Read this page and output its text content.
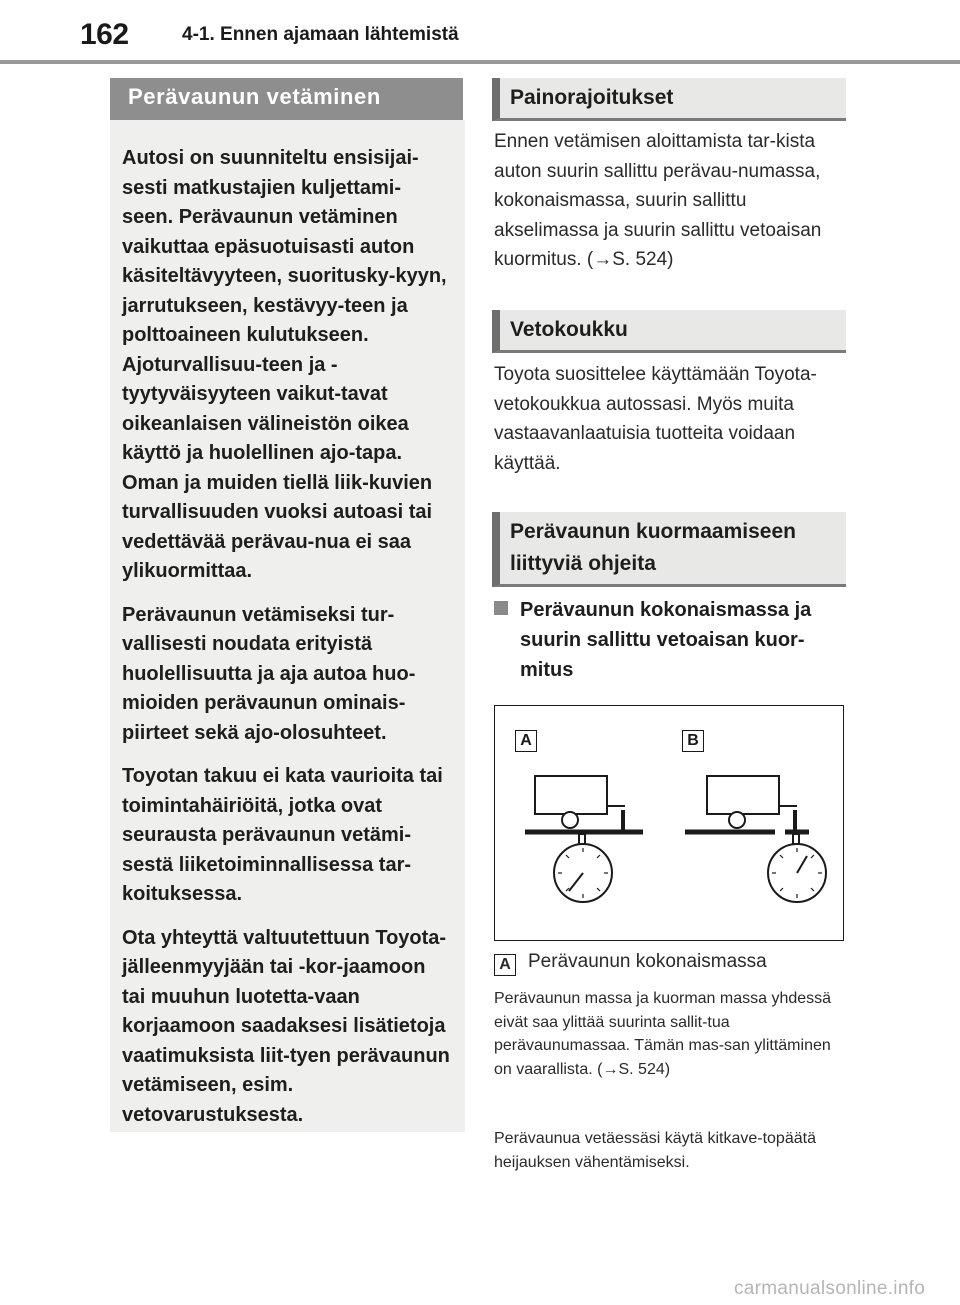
162	4-1. Ennen ajamaan lähtemistä
Perävaunun vetäminen

Autosi on suunniteltu ensisijai-sesti matkustajien kuljettami-seen. Perävaunun vetäminen vaikuttaa epäsuotuisasti auton käsiteltävyyteen, suoritusky-kyyn, jarrutukseen, kestävyy-teen ja polttoaineen kulutukseen. Ajoturvallisuu-teen ja -tyytyväisyyteen vaikut-tavat oikeanlaisen välineistön oikea käyttö ja huolellinen ajo-tapa. Oman ja muiden tiellä liik-kuvien turvallisuuden vuoksi autoasi tai vedettävää perävau-nua ei saa ylikuormittaa.

Perävaunun vetämiseksi tur-vallisesti noudata erityistä huolellisuutta ja aja autoa huo-mioiden perävaunun ominais-piirteet sekä ajo-olosuhteet.

Toyotan takuu ei kata vaurioita tai toimintahäiriöitä, jotka ovat seurausta perävaunun vetämi-sestä liiketoiminnallisessa tar-koituksessa.

Ota yhteyttä valtuutettuun Toyota-jälleenmyyjään tai -kor-jaamoon tai muuhun luotetta-vaan korjaamoon saadaksesi lisätietoja vaatimuksista liit-tyen perävaunun vetämiseen, esim. vetovarustuksesta.

Painorajoitukset

Ennen vetämisen aloittamista tar-kista auton suurin sallittu perävau-numassa, kokonaismassa, suurin sallittu akselimassa ja suurin sallittu vetoaisan kuormitus. (→S. 524)

Vetokoukku

Toyota suosittelee käyttämään Toyota-vetokoukkua autossasi. Myös muita vastaavanlaatuisia tuotteita voidaan käyttää.

Perävaunun kuormaamiseen
liittyviä ohjeita
Perävaunun kokonaismassa ja suurin sallittu vetoaisan kuor-mitus
A	B
A Perävaunun kokonaismassa

Perävaunun massa ja kuorman massa yhdessä eivät saa ylittää suurinta sallit-tua perävaunumassaa. Tämän mas-san ylittäminen on vaarallista. (→S. 524)

Perävaunua vetäessäsi käytä kitkave-topäätä heijauksen vähentämiseksi.

carmanualsonline.info
